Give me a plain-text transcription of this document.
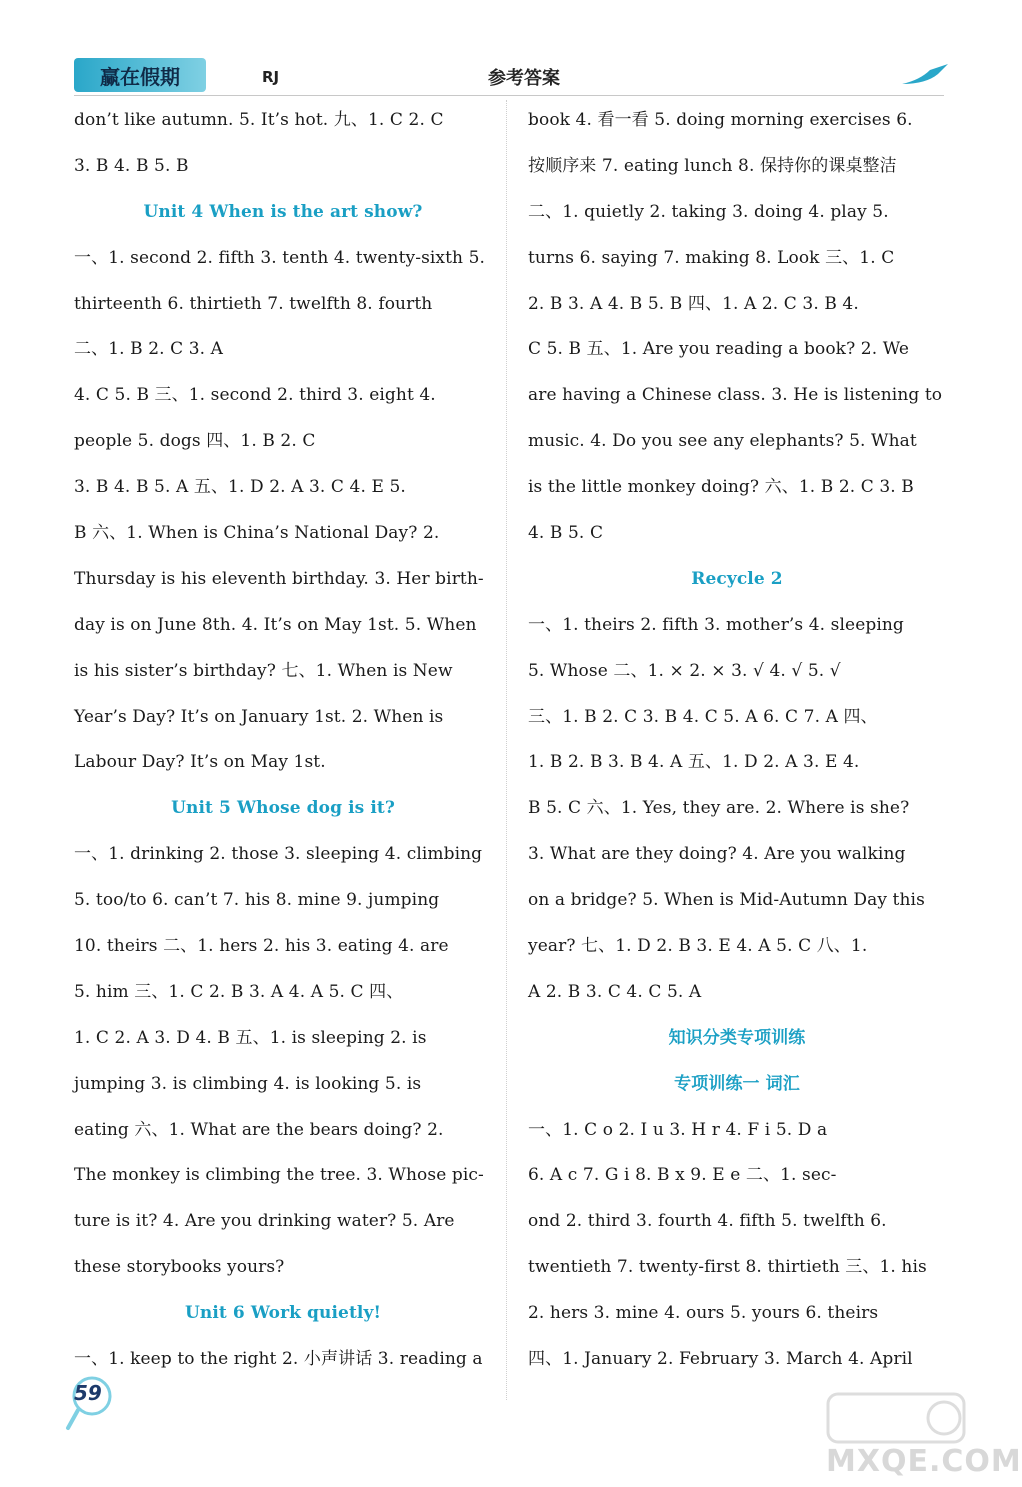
赢在假期	RJ	参考答案
don’t like autumn. 5. It’s hot. 九、1. C 2. C
3. B 4. B 5. B
Unit 4 When is the art show?
一、1. second 2. fifth 3. tenth 4. twenty-sixth 5.
thirteenth 6. thirtieth 7. twelfth 8. fourth
二、1. B 2. C 3. A
4. C 5. B 三、1. second 2. third 3. eight 4.
people 5. dogs 四、1. B 2. C
3. B 4. B 5. A 五、1. D 2. A 3. C 4. E 5.
B 六、1. When is China’s National Day? 2.
Thursday is his eleventh birthday. 3. Her birth-
day is on June 8th. 4. It’s on May 1st. 5. When
is his sister’s birthday? 七、1. When is New
Year’s Day? It’s on January 1st. 2. When is
Labour Day? It’s on May 1st.
Unit 5 Whose dog is it?
一、1. drinking 2. those 3. sleeping 4. climbing
5. too/to 6. can’t 7. his 8. mine 9. jumping
10. theirs 二、1. hers 2. his 3. eating 4. are
5. him 三、1. C 2. B 3. A 4. A 5. C 四、
1. C 2. A 3. D 4. B 五、1. is sleeping 2. is
jumping 3. is climbing 4. is looking 5. is
eating 六、1. What are the bears doing? 2.
The monkey is climbing the tree. 3. Whose pic-
ture is it? 4. Are you drinking water? 5. Are
these storybooks yours?
Unit 6 Work quietly!
一、1. keep to the right 2. 小声讲话 3. reading a
book 4. 看一看 5. doing morning exercises 6.
按顺序来 7. eating lunch 8. 保持你的课桌整洁
二、1. quietly 2. taking 3. doing 4. play 5.
turns 6. saying 7. making 8. Look 三、1. C
2. B 3. A 4. B 5. B 四、1. A 2. C 3. B 4.
C 5. B 五、1. Are you reading a book? 2. We
are having a Chinese class. 3. He is listening to
music. 4. Do you see any elephants? 5. What
is the little monkey doing? 六、1. B 2. C 3. B
4. B 5. C
Recycle 2
一、1. theirs 2. fifth 3. mother’s 4. sleeping
5. Whose 二、1. × 2. × 3. √ 4. √ 5. √
三、1. B 2. C 3. B 4. C 5. A 6. C 7. A 四、
1. B 2. B 3. B 4. A 五、1. D 2. A 3. E 4.
B 5. C 六、1. Yes, they are. 2. Where is she?
3. What are they doing? 4. Are you walking
on a bridge? 5. When is Mid-Autumn Day this
year? 七、1. D 2. B 3. E 4. A 5. C 八、1.
A 2. B 3. C 4. C 5. A
知识分类专项训练
专项训练一 词汇
一、1. C o 2. I u 3. H r 4. F i 5. D a
6. A c 7. G i 8. B x 9. E e 二、1. sec-
ond 2. third 3. fourth 4. fifth 5. twelfth 6.
twentieth 7. twenty-first 8. thirtieth 三、1. his
2. hers 3. mine 4. ours 5. yours 6. theirs
四、1. January 2. February 3. March 4. April
59
MXQE.COM
